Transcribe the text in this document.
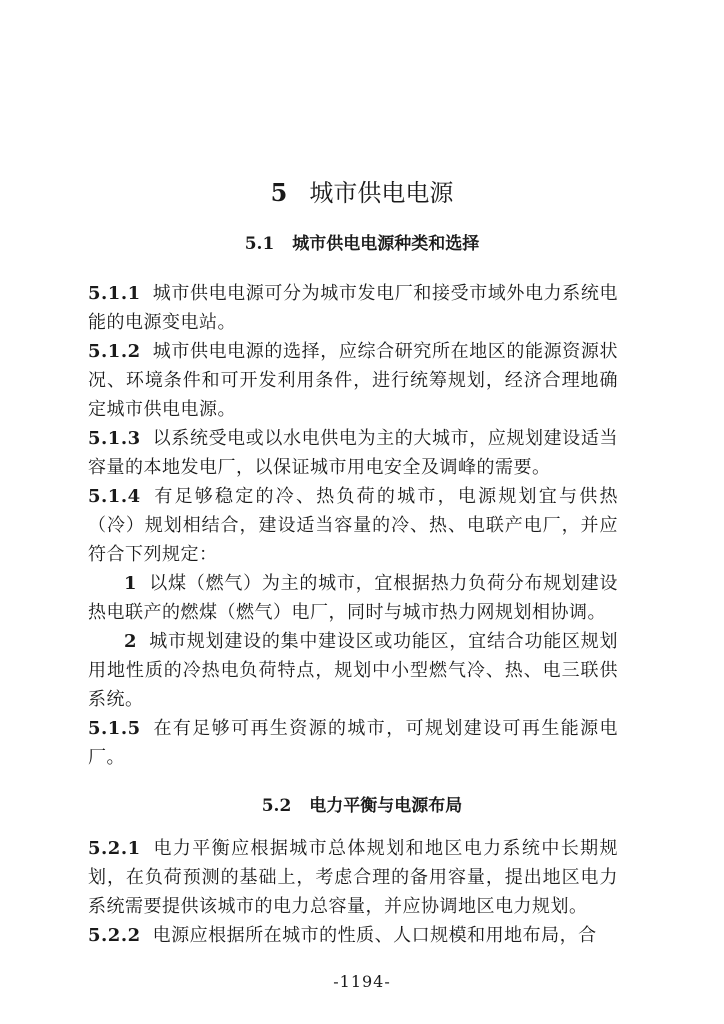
5 城市供电电源
5.1 城市供电电源种类和选择

5.1.1 城市供电电源可分为城市发电厂和接受市域外电力系统电能的电源变电站。

5.1.2 城市供电电源的选择，应综合研究所在地区的能源资源状况、环境条件和可开发利用条件，进行统筹规划，经济合理地确定城市供电电源。

5.1.3 以系统受电或以水电供电为主的大城市，应规划建设适当容量的本地发电厂，以保证城市用电安全及调峰的需要。

5.1.4 有足够稳定的冷、热负荷的城市，电源规划宜与供热（冷）规划相结合，建设适当容量的冷、热、电联产电厂，并应符合下列规定：

1 以煤（燃气）为主的城市，宜根据热力负荷分布规划建设热电联产的燃煤（燃气）电厂，同时与城市热力网规划相协调。

2 城市规划建设的集中建设区或功能区，宜结合功能区规划用地性质的冷热电负荷特点，规划中小型燃气冷、热、电三联供系统。

5.1.5 在有足够可再生资源的城市，可规划建设可再生能源电厂。

5.2 电力平衡与电源布局

5.2.1 电力平衡应根据城市总体规划和地区电力系统中长期规划，在负荷预测的基础上，考虑合理的备用容量，提出地区电力系统需要提供该城市的电力总容量，并应协调地区电力规划。

5.2.2 电源应根据所在城市的性质、人口规模和用地布局，合

-1194-
